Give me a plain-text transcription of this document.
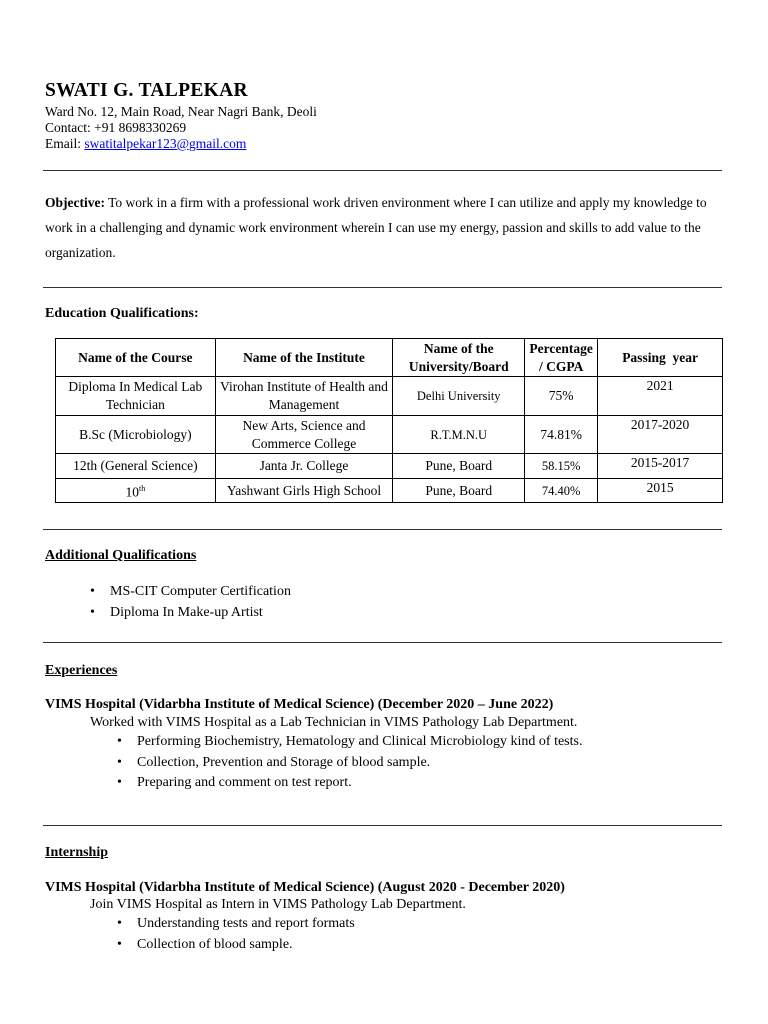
SWATI G. TALPEKAR
Ward No. 12, Main Road, Near Nagri Bank, Deoli
Contact: +91 8698330269
Email: swatitalpekar123@gmail.com
Objective: To work in a firm with a professional work driven environment where I can utilize and apply my knowledge to work in a challenging and dynamic work environment wherein I can use my energy, passion and skills to add value to the organization.
Education Qualifications:
Name of the Course	Name of the Institute	Name of the University/Board	Percentage / CGPA	Passing  year
Diploma In Medical Lab Technician	Virohan Institute of Health and Management	Delhi University	75%	2021
B.Sc (Microbiology)	New Arts, Science and Commerce College	R.T.M.N.U	74.81%	2017-2020
12th (General Science)	Janta Jr. College	Pune, Board	58.15%	2015-2017
10th	Yashwant Girls High School	Pune, Board	74.40%	2015
Additional Qualifications
• MS-CIT Computer Certification
• Diploma In Make-up Artist
Experiences
VIMS Hospital (Vidarbha Institute of Medical Science) (December 2020 – June 2022)
Worked with VIMS Hospital as a Lab Technician in VIMS Pathology Lab Department.
• Performing Biochemistry, Hematology and Clinical Microbiology kind of tests.
• Collection, Prevention and Storage of blood sample.
• Preparing and comment on test report.
Internship
VIMS Hospital (Vidarbha Institute of Medical Science) (August 2020 - December 2020)
Join VIMS Hospital as Intern in VIMS Pathology Lab Department.
• Understanding tests and report formats
• Collection of blood sample.
